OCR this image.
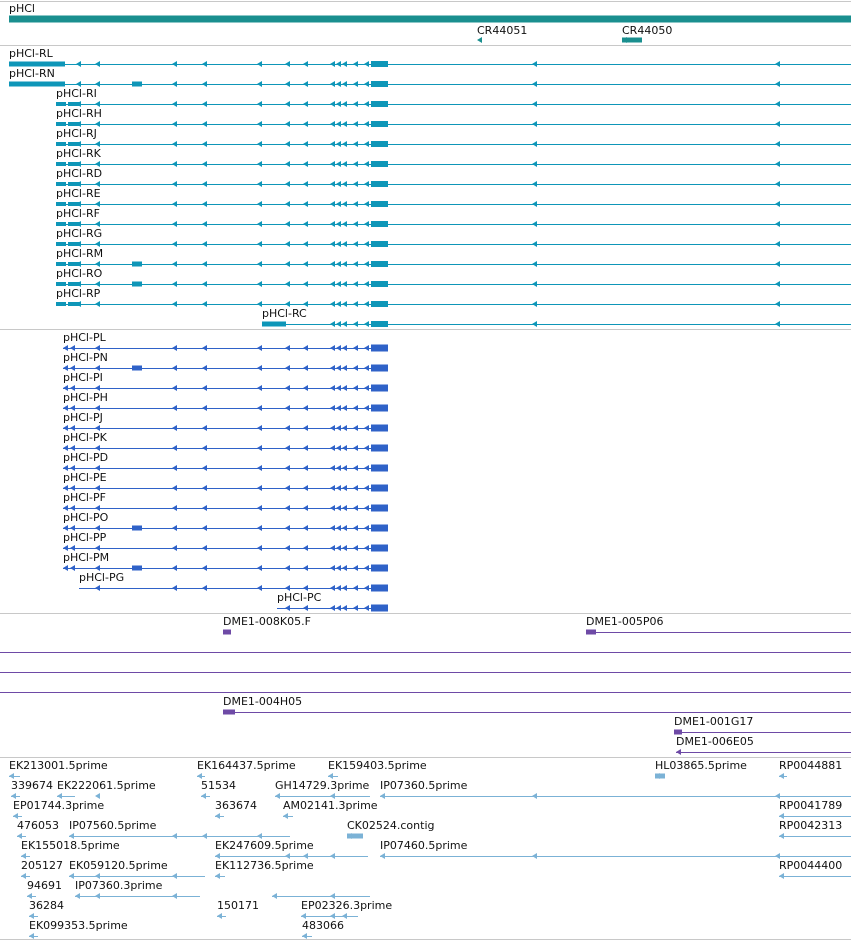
pHCl
CR44051	CR44050
pHCl-RL
pHCl-RN
pHCl-RI
pHCl-RH
pHCl-RJ
pHCl-RK
pHCl-RD
pHCl-RE
pHCl-RF
pHCl-RG
pHCl-RM
pHCl-RO
pHCl-RP
pHCl-RC
pHCl-PL
pHCl-PN
pHCl-PI
pHCl-PH
pHCl-PJ
pHCl-PK
pHCl-PD
pHCl-PE
pHCl-PF
pHCl-PO
pHCl-PP
pHCl-PM
pHCl-PG
pHCl-PC
DME1-008K05.F	DME1-005P06
DME1-004H05
DME1-001G17
DME1-006E05
EK213001.5prime	EK164437.5prime	EK159403.5prime	HL03865.5prime	RP0044881
339674 EK222061.5prime	51534	GH14729.3prime IP07360.5prime
EP01744.3prime	363674 AM02141.3prime	RP0041789
476053 IP07560.5prime	CK02524.contig	RP0042313
EK155018.5prime	EK247609.5prime	IP07460.5prime
205127 EK059120.5prime	EK112736.5prime	RP0044400
94691 IP07360.3prime
36284	150171	EP02326.3prime
EK099353.5prime	483066
